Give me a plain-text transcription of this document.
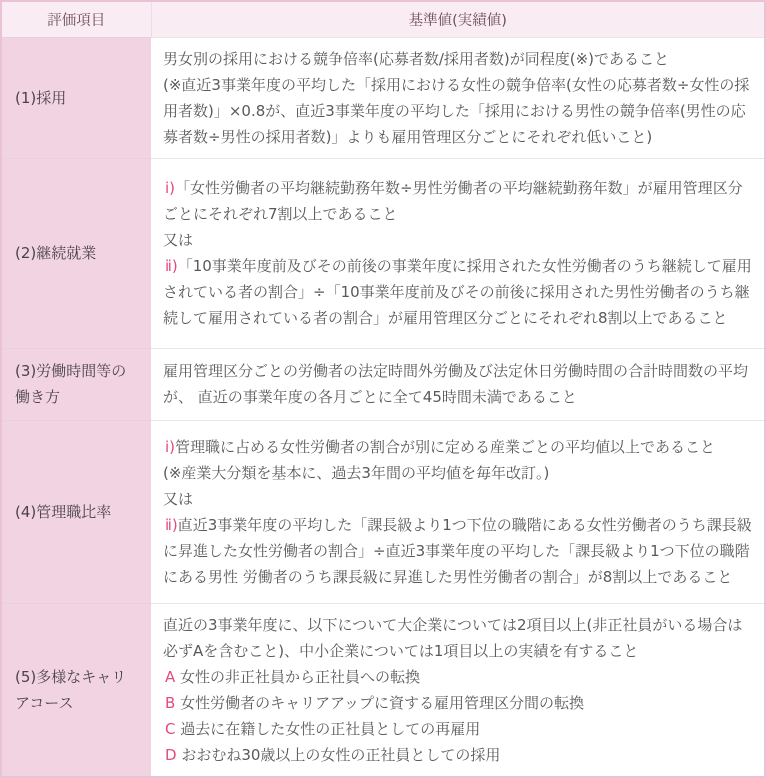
評価項目	基準値(実績値)
(1)採用	男女別の採用における競争倍率(応募者数/採用者数)が同程度(※)であること
(※直近3事業年度の平均した「採用における女性の競争倍率(女性の応募者数÷女性の採用者数)」×0.8が、直近3事業年度の平均した「採用における男性の競争倍率(男性の応募者数÷男性の採用者数)」よりも雇用管理区分ごとにそれぞれ低いこと)

(2)継続就業	ⅰ)「女性労働者の平均継続勤務年数÷男性労働者の平均継続勤務年数」が雇用管理区分ごとにそれぞれ7割以上であること
又は
ⅱ)「10事業年度前及びその前後の事業年度に採用された女性労働者のうち継続して雇用されている者の割合」÷「10事業年度前及びその前後に採用された男性労働者のうち継続して雇用されている者の割合」が雇用管理区分ごとにそれぞれ8割以上であること

(3)労働時間等の働き方	雇用管理区分ごとの労働者の法定時間外労働及び法定休日労働時間の合計時間数の平均が、 直近の事業年度の各月ごとに全て45時間未満であること

(4)管理職比率	ⅰ)管理職に占める女性労働者の割合が別に定める産業ごとの平均値以上であること
(※産業大分類を基本に、過去3年間の平均値を毎年改訂。)
又は
ⅱ)直近3事業年度の平均した「課長級より1つ下位の職階にある女性労働者のうち課長級に昇進した女性労働者の割合」÷直近3事業年度の平均した「課長級より1つ下位の職階にある男性 労働者のうち課長級に昇進した男性労働者の割合」が8割以上であること

(5)多様なキャリアコース	直近の3事業年度に、以下について大企業については2項目以上(非正社員がいる場合は必ずAを含むこと)、中小企業については1項目以上の実績を有すること
A 女性の非正社員から正社員への転換
B 女性労働者のキャリアアップに資する雇用管理区分間の転換
C 過去に在籍した女性の正社員としての再雇用
D おおむね30歳以上の女性の正社員としての採用
